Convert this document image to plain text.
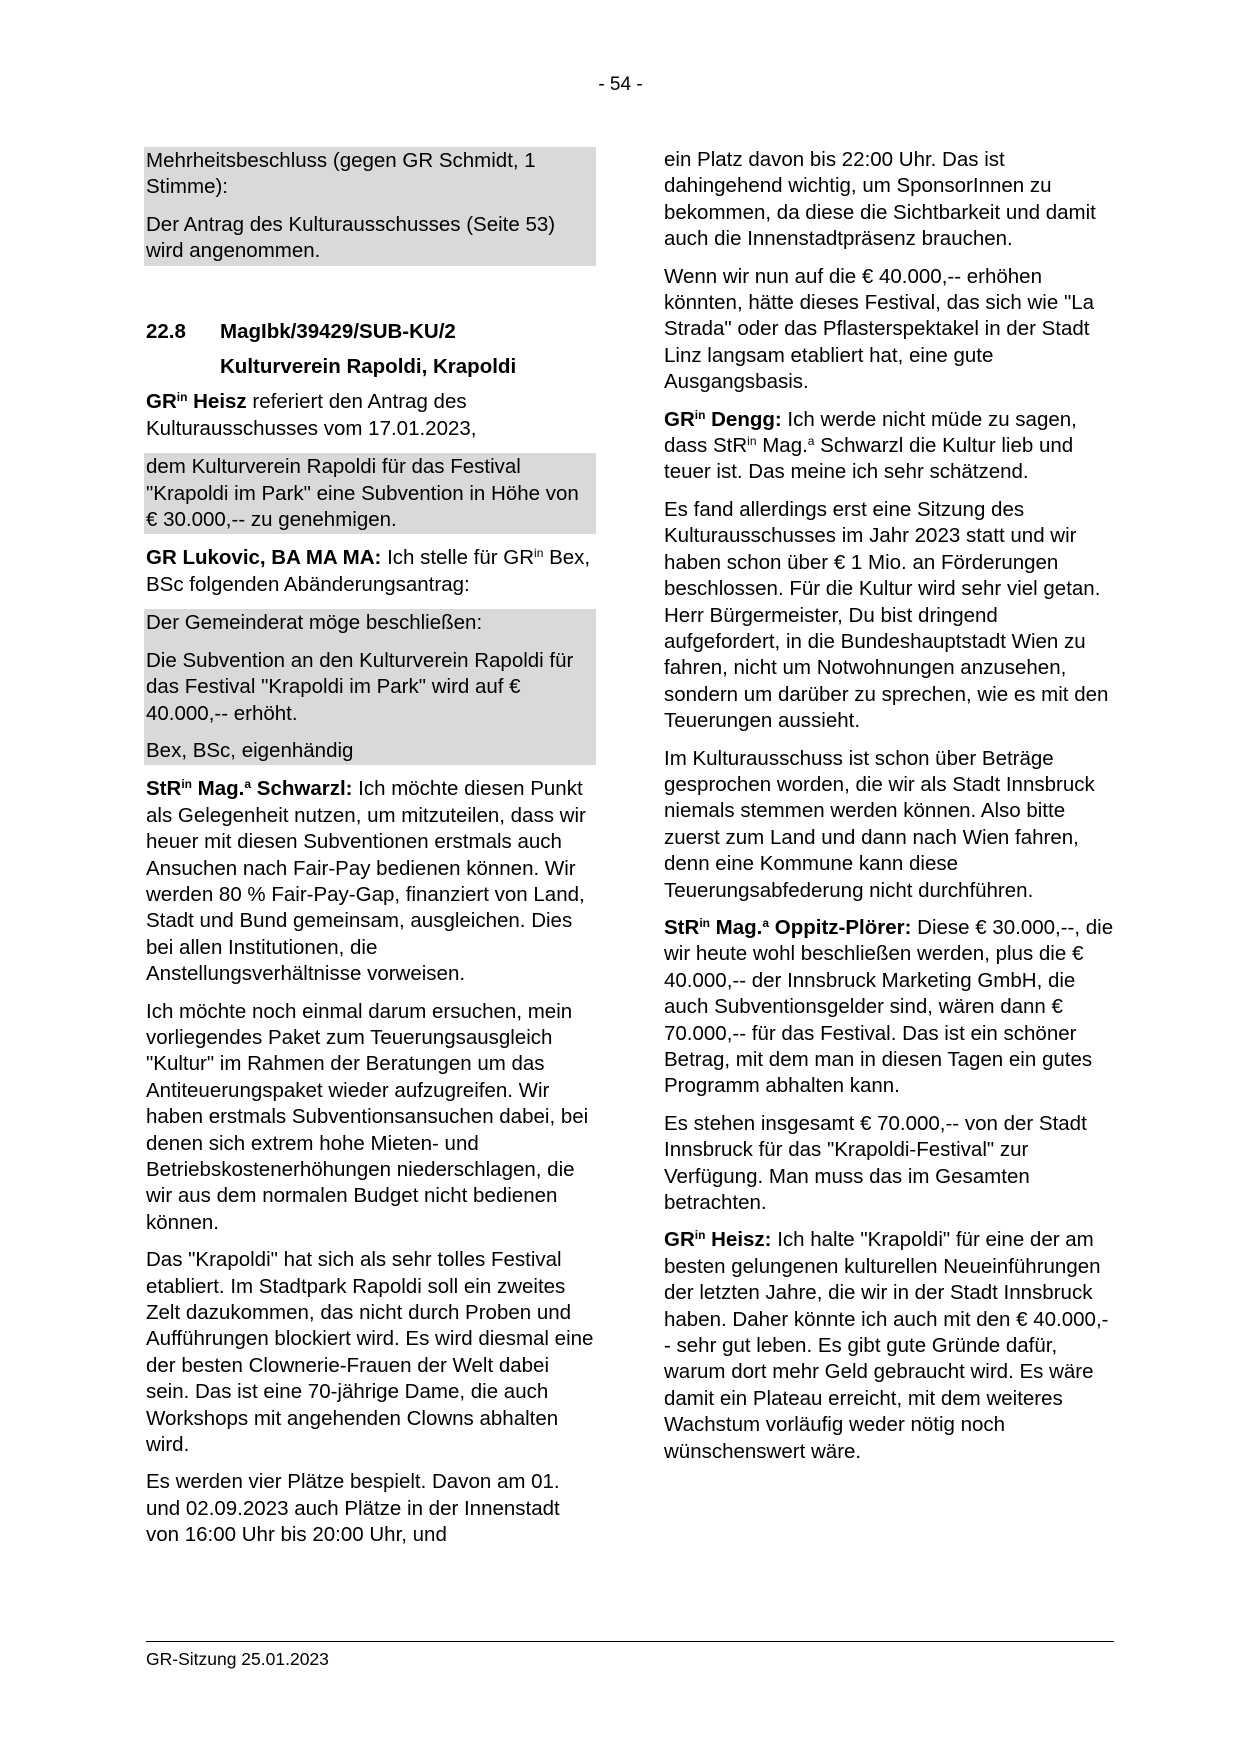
- 54 -

Mehrheitsbeschluss (gegen GR Schmidt, 1 Stimme):

Der Antrag des Kulturausschusses (Seite 53) wird angenommen.

22.8	MagIbk/39429/SUB-KU/2
Kulturverein Rapoldi, Krapoldi

$GR^{in}$ Heisz referiert den Antrag des Kulturausschusses vom 17.01.2023,

dem Kulturverein Rapoldi für das Festival "Krapoldi im Park" eine Subvention in Höhe von € 30.000,-- zu genehmigen.

GR Lukovic, BA MA MA: Ich stelle für $GR^{in}$ Bex, BSc folgenden Abänderungsantrag:

Der Gemeinderat möge beschließen:

Die Subvention an den Kulturverein Rapoldi für das Festival "Krapoldi im Park" wird auf € 40.000,-- erhöht.

Bex, BSc, eigenhändig

StR$^{in}$ Mag.$^a$ Schwarzl: Ich möchte diesen Punkt als Gelegenheit nutzen, um mitzuteilen, dass wir heuer mit diesen Subventionen erstmals auch Ansuchen nach Fair-Pay bedienen können. Wir werden 80 % Fair-Pay-Gap, finanziert von Land, Stadt und Bund gemeinsam, ausgleichen. Dies bei allen Institutionen, die Anstellungsverhältnisse vorweisen.

Ich möchte noch einmal darum ersuchen, mein vorliegendes Paket zum Teuerungsausgleich "Kultur" im Rahmen der Beratungen um das Antiteuerungspaket wieder aufzugreifen. Wir haben erstmals Subventionsansuchen dabei, bei denen sich extrem hohe Mieten- und Betriebskostenerhöhungen niederschlagen, die wir aus dem normalen Budget nicht bedienen können.

Das "Krapoldi" hat sich als sehr tolles Festival etabliert. Im Stadtpark Rapoldi soll ein zweites Zelt dazukommen, das nicht durch Proben und Aufführungen blockiert wird. Es wird diesmal eine der besten Clownerie-Frauen der Welt dabei sein. Das ist eine 70-jährige Dame, die auch Workshops mit angehenden Clowns abhalten wird.

Es werden vier Plätze bespielt. Davon am 01. und 02.09.2023 auch Plätze in der Innenstadt von 16:00 Uhr bis 20:00 Uhr, und

ein Platz davon bis 22:00 Uhr. Das ist dahingehend wichtig, um SponsorInnen zu bekommen, da diese die Sichtbarkeit und damit auch die Innenstadtpräsenz brauchen.

Wenn wir nun auf die € 40.000,-- erhöhen könnten, hätte dieses Festival, das sich wie "La Strada" oder das Pflasterspektakel in der Stadt Linz langsam etabliert hat, eine gute Ausgangsbasis.

$GR^{in}$ Dengg: Ich werde nicht müde zu sagen, dass StR$^{in}$ Mag.$^a$ Schwarzl die Kultur lieb und teuer ist. Das meine ich sehr schätzend.

Es fand allerdings erst eine Sitzung des Kulturausschusses im Jahr 2023 statt und wir haben schon über € 1 Mio. an Förderungen beschlossen. Für die Kultur wird sehr viel getan. Herr Bürgermeister, Du bist dringend aufgefordert, in die Bundeshauptstadt Wien zu fahren, nicht um Notwohnungen anzusehen, sondern um darüber zu sprechen, wie es mit den Teuerungen aussieht.

Im Kulturausschuss ist schon über Beträge gesprochen worden, die wir als Stadt Innsbruck niemals stemmen werden können. Also bitte zuerst zum Land und dann nach Wien fahren, denn eine Kommune kann diese Teuerungsabfederung nicht durchführen.

StR$^{in}$ Mag.$^a$ Oppitz-Plörer: Diese € 30.000,--, die wir heute wohl beschließen werden, plus die € 40.000,-- der Innsbruck Marketing GmbH, die auch Subventionsgelder sind, wären dann € 70.000,-- für das Festival. Das ist ein schöner Betrag, mit dem man in diesen Tagen ein gutes Programm abhalten kann.

Es stehen insgesamt € 70.000,-- von der Stadt Innsbruck für das "Krapoldi-Festival" zur Verfügung. Man muss das im Gesamten betrachten.

$GR^{in}$ Heisz: Ich halte "Krapoldi" für eine der am besten gelungenen kulturellen Neueinführungen der letzten Jahre, die wir in der Stadt Innsbruck haben. Daher könnte ich auch mit den € 40.000,-- sehr gut leben. Es gibt gute Gründe dafür, warum dort mehr Geld gebraucht wird. Es wäre damit ein Plateau erreicht, mit dem weiteres Wachstum vorläufig weder nötig noch wünschenswert wäre.

GR-Sitzung 25.01.2023
